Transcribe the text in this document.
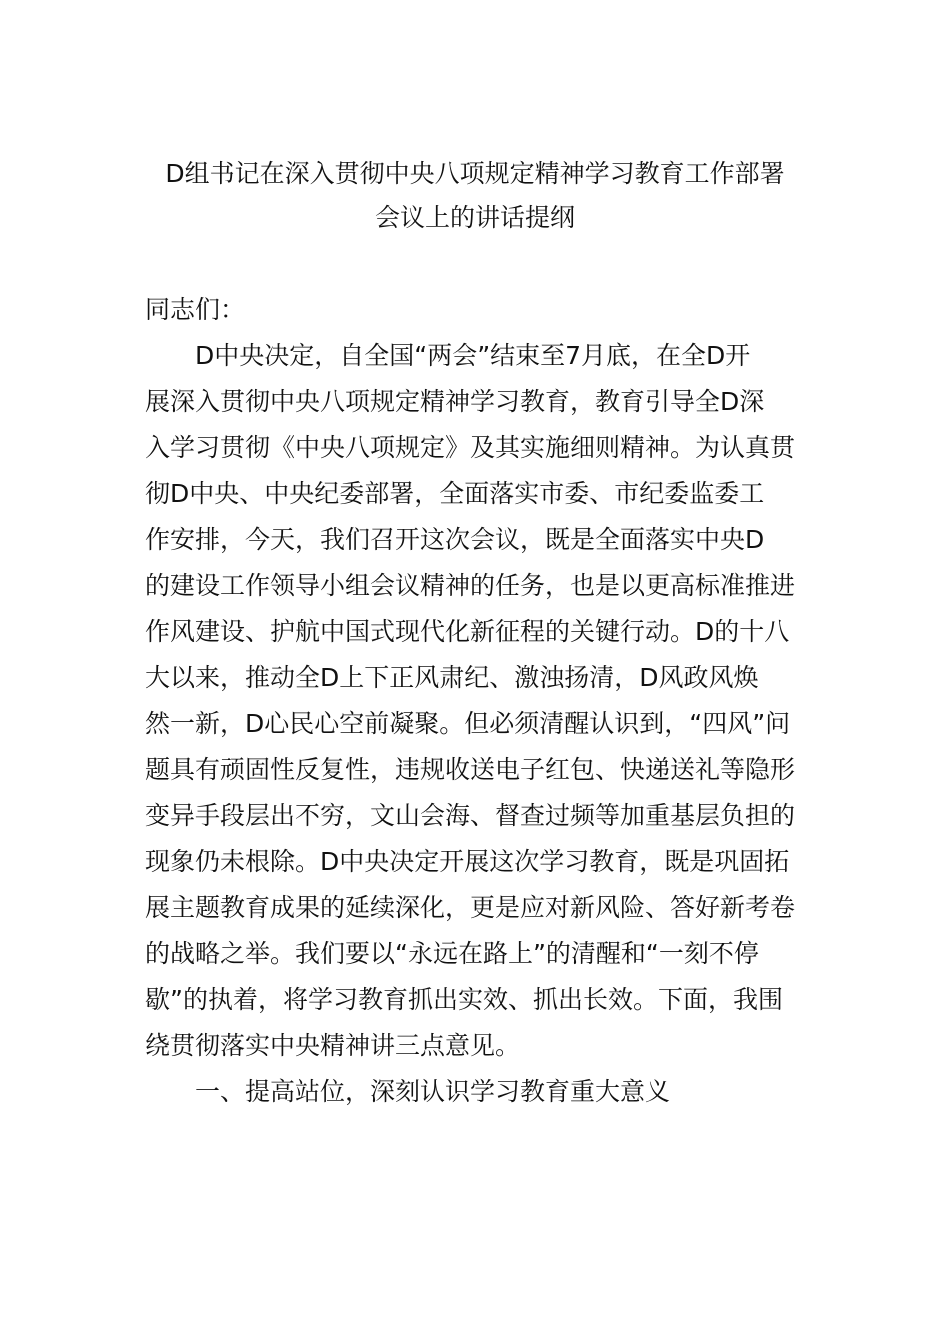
D组书记在深入贯彻中央八项规定精神学习教育工作部署
会议上的讲话提纲
同志们：
D中央决定，自全国“两会”结束至7月底，在全D开
展深入贯彻中央八项规定精神学习教育，教育引导全D深
入学习贯彻《中央八项规定》及其实施细则精神。为认真贯
彻D中央、中央纪委部署，全面落实市委、市纪委监委工
作安排，今天，我们召开这次会议，既是全面落实中央D
的建设工作领导小组会议精神的任务，也是以更高标准推进
作风建设、护航中国式现代化新征程的关键行动。D的十八
大以来，推动全D上下正风肃纪、激浊扬清，D风政风焕
然一新，D心民心空前凝聚。但必须清醒认识到，“四风”问
题具有顽固性反复性，违规收送电子红包、快递送礼等隐形
变异手段层出不穷，文山会海、督查过频等加重基层负担的
现象仍未根除。D中央决定开展这次学习教育，既是巩固拓
展主题教育成果的延续深化，更是应对新风险、答好新考卷
的战略之举。我们要以“永远在路上”的清醒和“一刻不停
歇”的执着，将学习教育抓出实效、抓出长效。下面，我围
绕贯彻落实中央精神讲三点意见。
一、提高站位，深刻认识学习教育重大意义
